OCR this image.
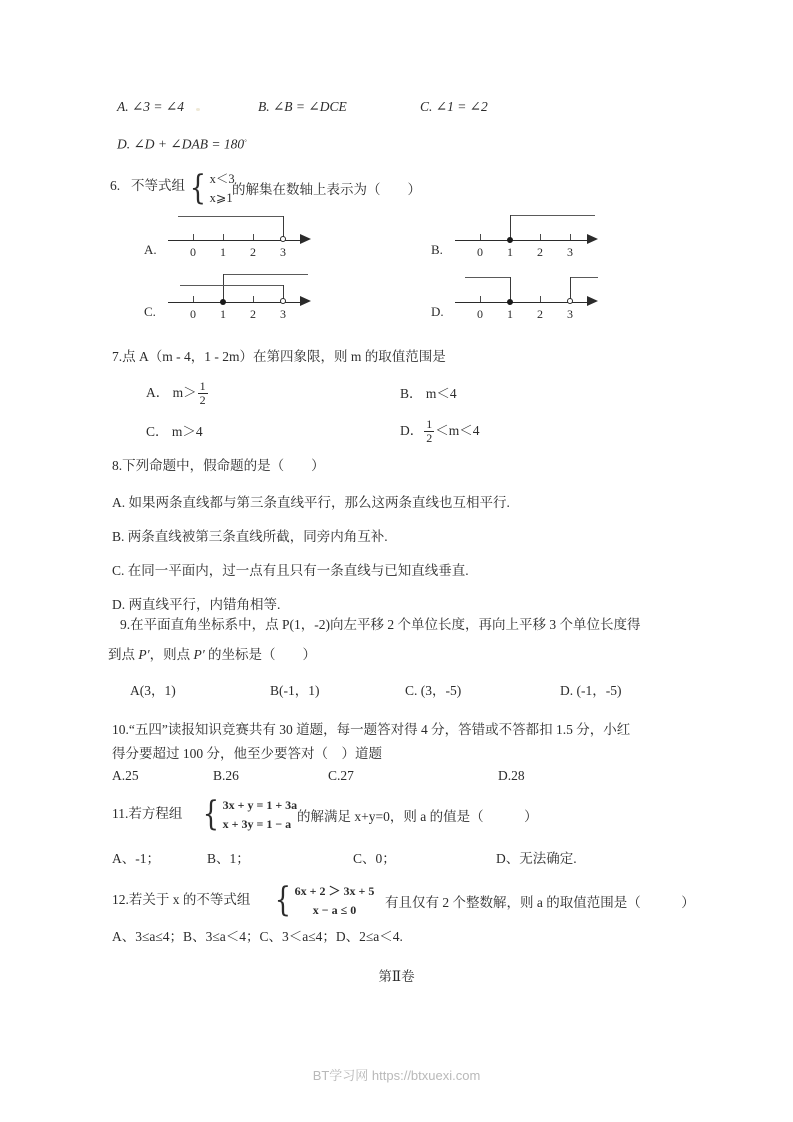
A. ∠3 = ∠4	B. ∠B = ∠DCE	C. ∠1 = ∠2
D. ∠D + ∠DAB = 180◦
6. 不等式组 { x＜3
x⩾1
的解集在数轴上表示为（　　）
A.	0	1	2	3	B.	0	1	2	3
C.	0	1	2	3	D.	0	1	2	3
7.点 A（m - 4，1 - 2m）在第四象限，则 m 的取值范围是
A． $m> \frac{1}{2}$	B． m＜4
C． m＞4	D． $\frac{1}{2} <m<4$
8.下列命题中，假命题的是（　　）
A. 如果两条直线都与第三条直线平行，那么这两条直线也互相平行.
B. 两条直线被第三条直线所截，同旁内角互补.
C. 在同一平面内，过一点有且只有一条直线与已知直线垂直.
D. 两直线平行，内错角相等.
9.在平面直角坐标系中，点 P(1，-2)向左平移 2 个单位长度，再向上平移 3 个单位长度得
到点 P′，则点 P′ 的坐标是（　　）
A(3，1)	B(-1，1)	C. (3，-5)	D. (-1，-5)
10.“五四”读报知识竞赛共有 30 道题，每一题答对得 4 分，答错或不答都扣 1.5 分，小红
得分要超过 100 分，他至少要答对（　）道题
A.25	B.26	C.27	D.28
11.若方程组 { 3x + y = 1 + 3a
x + 3y = 1 − a 的解满足 x+y=0，则 a 的值是（　　　）
A、-1；	B、1；	C、0；	D、无法确定.
12.若关于 x 的不等式组 { 6x + 2 ＞ 3x + 5
x − a ≤ 0	有且仅有 2 个整数解，则 a 的取值范围是（　　　）
A、3≤a≤4；B、3≤a＜4；C、3＜a≤4；D、2≤a＜4.
第Ⅱ卷
BT学习网 https://btxuexi.com
